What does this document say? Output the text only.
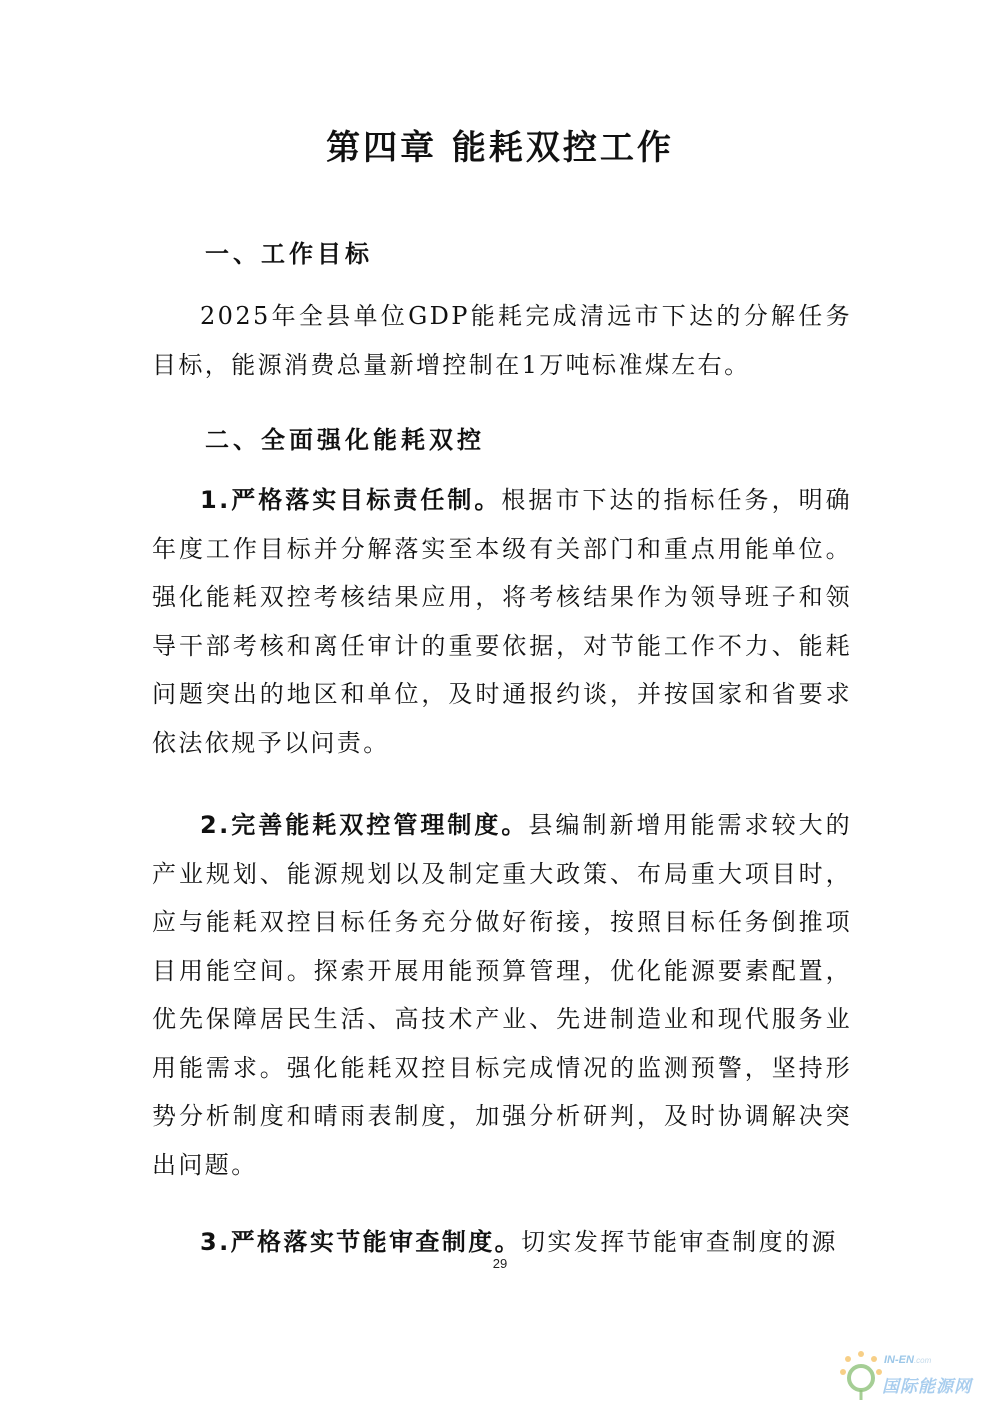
第四章 能耗双控工作
一、工作目标

2025年全县单位GDP能耗完成清远市下达的分解任务目标，能源消费总量新增控制在1万吨标准煤左右。

二、全面强化能耗双控

1.严格落实目标责任制。根据市下达的指标任务，明确年度工作目标并分解落实至本级有关部门和重点用能单位。强化能耗双控考核结果应用，将考核结果作为领导班子和领导干部考核和离任审计的重要依据，对节能工作不力、能耗问题突出的地区和单位，及时通报约谈，并按国家和省要求依法依规予以问责。

2.完善能耗双控管理制度。县编制新增用能需求较大的产业规划、能源规划以及制定重大政策、布局重大项目时，应与能耗双控目标任务充分做好衔接，按照目标任务倒推项目用能空间。探索开展用能预算管理，优化能源要素配置，优先保障居民生活、高技术产业、先进制造业和现代服务业用能需求。强化能耗双控目标完成情况的监测预警，坚持形势分析制度和晴雨表制度，加强分析研判，及时协调解决突出问题。

3.严格落实节能审查制度。切实发挥节能审查制度的源

29
IN-EN.com
国际能源网
